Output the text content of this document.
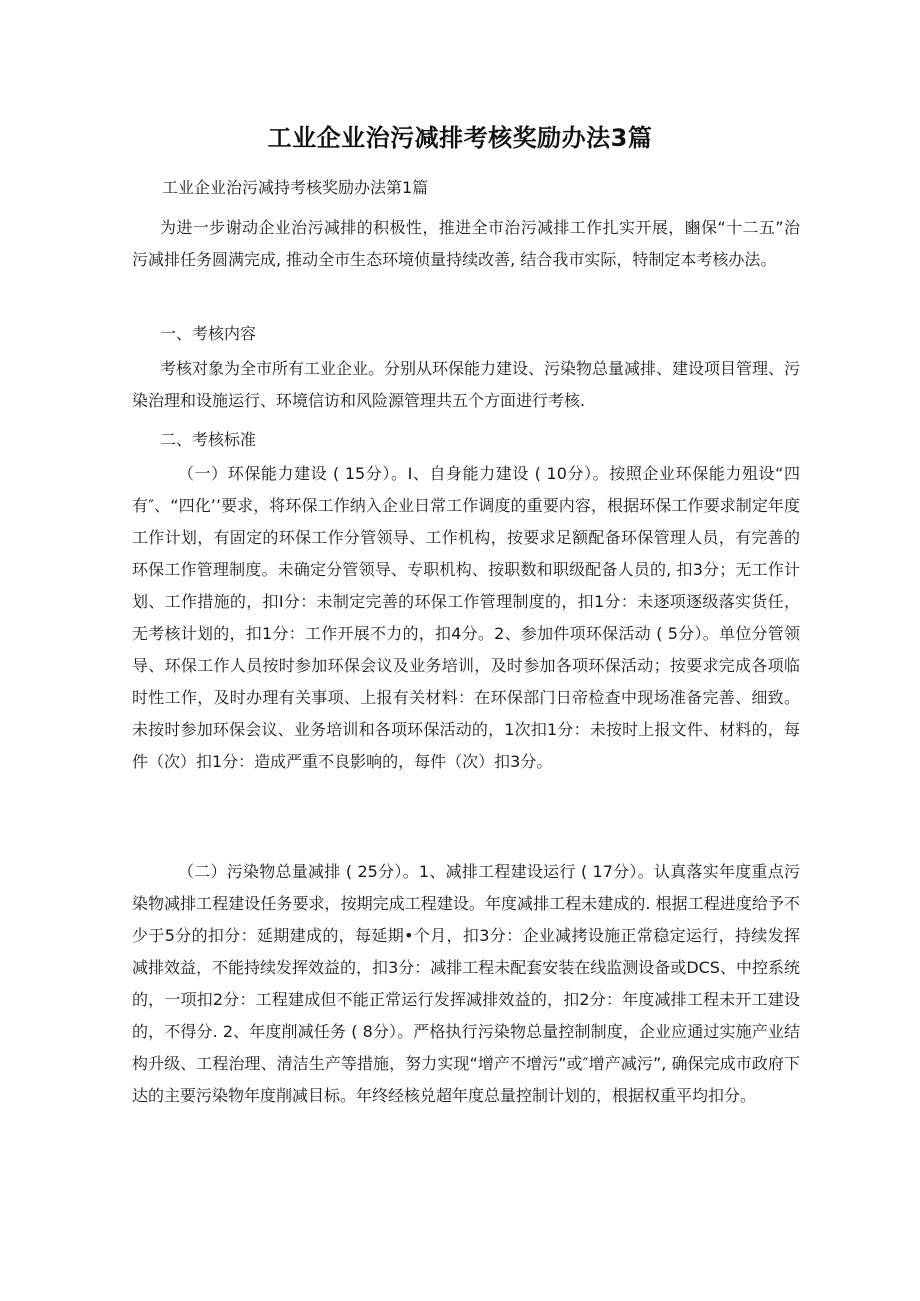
工业企业治污减排考核奖励办法3篇
工业企业治污减持考核奖励办法第1篇
为进一步谢动企业治污减排的积极性，推进全市治污减排工作扎实开展，豳保“十二五”治污减排任务圆满完成, 推动全市生态环境侦量持续改善, 结合我市实际，特制定本考核办法。
一、考核内容
考核对象为全市所有工业企业。分别从环保能力建设、污染物总量减排、建设项目管理、污染治理和设施运行、环境信访和风险源管理共五个方面进行考核.
二、考核标准
（一）环保能力建设 ( 15分）。I、自身能力建设 ( 10分）。按照企业环保能力殂设“四有″、“四化’’要求，将环保工作纳入企业日常工作调度的重要内容，根据环保工作要求制定年度工作计划，有固定的环保工作分管领导、工作机构，按要求足额配备环保管理人员，有完善的环保工作管理制度。未确定分管领导、专职机构、按职数和职级配备人员的, 扣3分；无工作计划、工作措施的，扣I分：未制定完善的环保工作管理制度的，扣1分：未逐项逐级落实货任，无考核计划的，扣1分：工作开展不力的，扣4分。2、参加件项环保活动 ( 5分）。单位分管领导、环保工作人员按时参加环保会议及业务培训，及时参加各项环保活动；按要求完成各项临时性工作，及时办理有关事项、上报有关材料：在环保部门日帝检查中现场准备完善、细致。未按时参加环保会议、业务培训和各项环保活动的，1次扣1分：未按时上报文件、材料的，每件（次）扣1分：造成严重不良影响的，每件（次）扣3分。
（二）污染物总量减排 ( 25分）。1、减排工程建设运行 ( 17分）。认真落实年度重点污染物减排工程建设任务要求，按期完成工程建设。年度减排工程未建成的. 根据工程进度给予不少于5分的扣分：延期建成的，每延期•个月，扣3分：企业减拷设施正常稳定运行，持续发挥减排效益，不能持续发挥效益的，扣3分：减排工程未配套安装在线监测设备或DCS、中控系统的，一项扣2分：工程建成但不能正常运行发挥减排效益的，扣2分：年度减排工程未开工建设的，不得分. 2、年度削减任务 ( 8分）。严格执行污染物总量控制制度，企业应通过实施产业结构升级、工程治理、清洁生产等措施，努力实现“增产不增污”或″增产减污”, 确保完成市政府下达的主要污染物年度削减目标。年终经核兑超年度总量控制计划的，根据权重平均扣分。
